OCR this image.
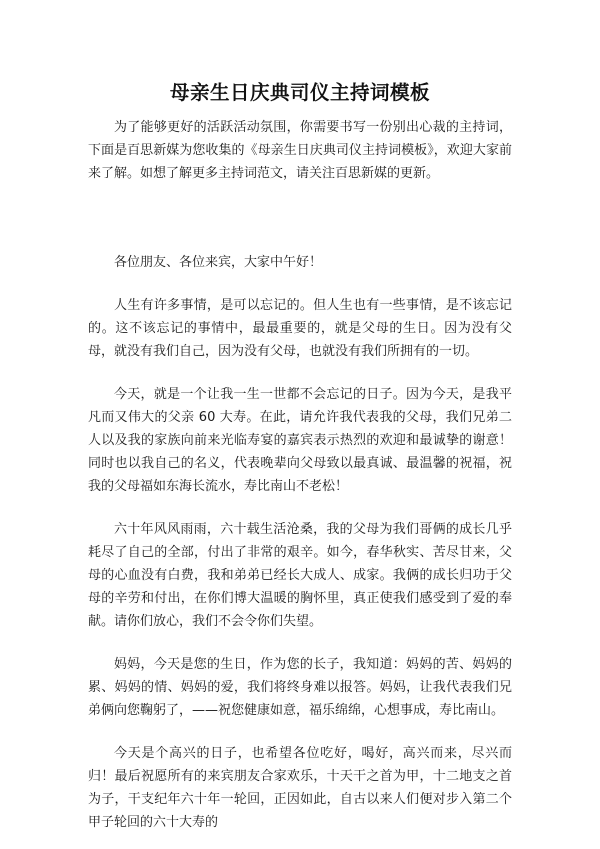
母亲生日庆典司仪主持词模板

为了能够更好的活跃活动氛围，你需要书写一份别出心裁的主持词，下面是百思新媒为您收集的《母亲生日庆典司仪主持词模板》，欢迎大家前来了解。如想了解更多主持词范文，请关注百思新媒的更新。

各位朋友、各位来宾，大家中午好！

人生有许多事情，是可以忘记的。但人生也有一些事情，是不该忘记的。这不该忘记的事情中，最最重要的，就是父母的生日。因为没有父母，就没有我们自己，因为没有父母，也就没有我们所拥有的一切。

今天，就是一个让我一生一世都不会忘记的日子。因为今天，是我平凡而又伟大的父亲 60 大寿。在此，请允许我代表我的父母，我们兄弟二人以及我的家族向前来光临寿宴的嘉宾表示热烈的欢迎和最诚挚的谢意！同时也以我自己的名义，代表晚辈向父母致以最真诚、最温馨的祝福，祝我的父母福如东海长流水，寿比南山不老松！

六十年风风雨雨，六十载生活沧桑，我的父母为我们哥俩的成长几乎耗尽了自己的全部，付出了非常的艰辛。如今，春华秋实、苦尽甘来，父母的心血没有白费，我和弟弟已经长大成人、成家。我俩的成长归功于父母的辛劳和付出，在你们博大温暖的胸怀里，真正使我们感受到了爱的奉献。请你们放心，我们不会令你们失望。

妈妈，今天是您的生日，作为您的长子，我知道：妈妈的苦、妈妈的累、妈妈的情、妈妈的爱，我们将终身难以报答。妈妈，让我代表我们兄弟俩向您鞠躬了，——祝您健康如意，福乐绵绵，心想事成，寿比南山。

今天是个高兴的日子，也希望各位吃好，喝好，高兴而来，尽兴而归！最后祝愿所有的来宾朋友合家欢乐，十天干之首为甲，十二地支之首为子，干支纪年六十年一轮回，正因如此，自古以来人们便对步入第二个甲子轮回的六十大寿的
